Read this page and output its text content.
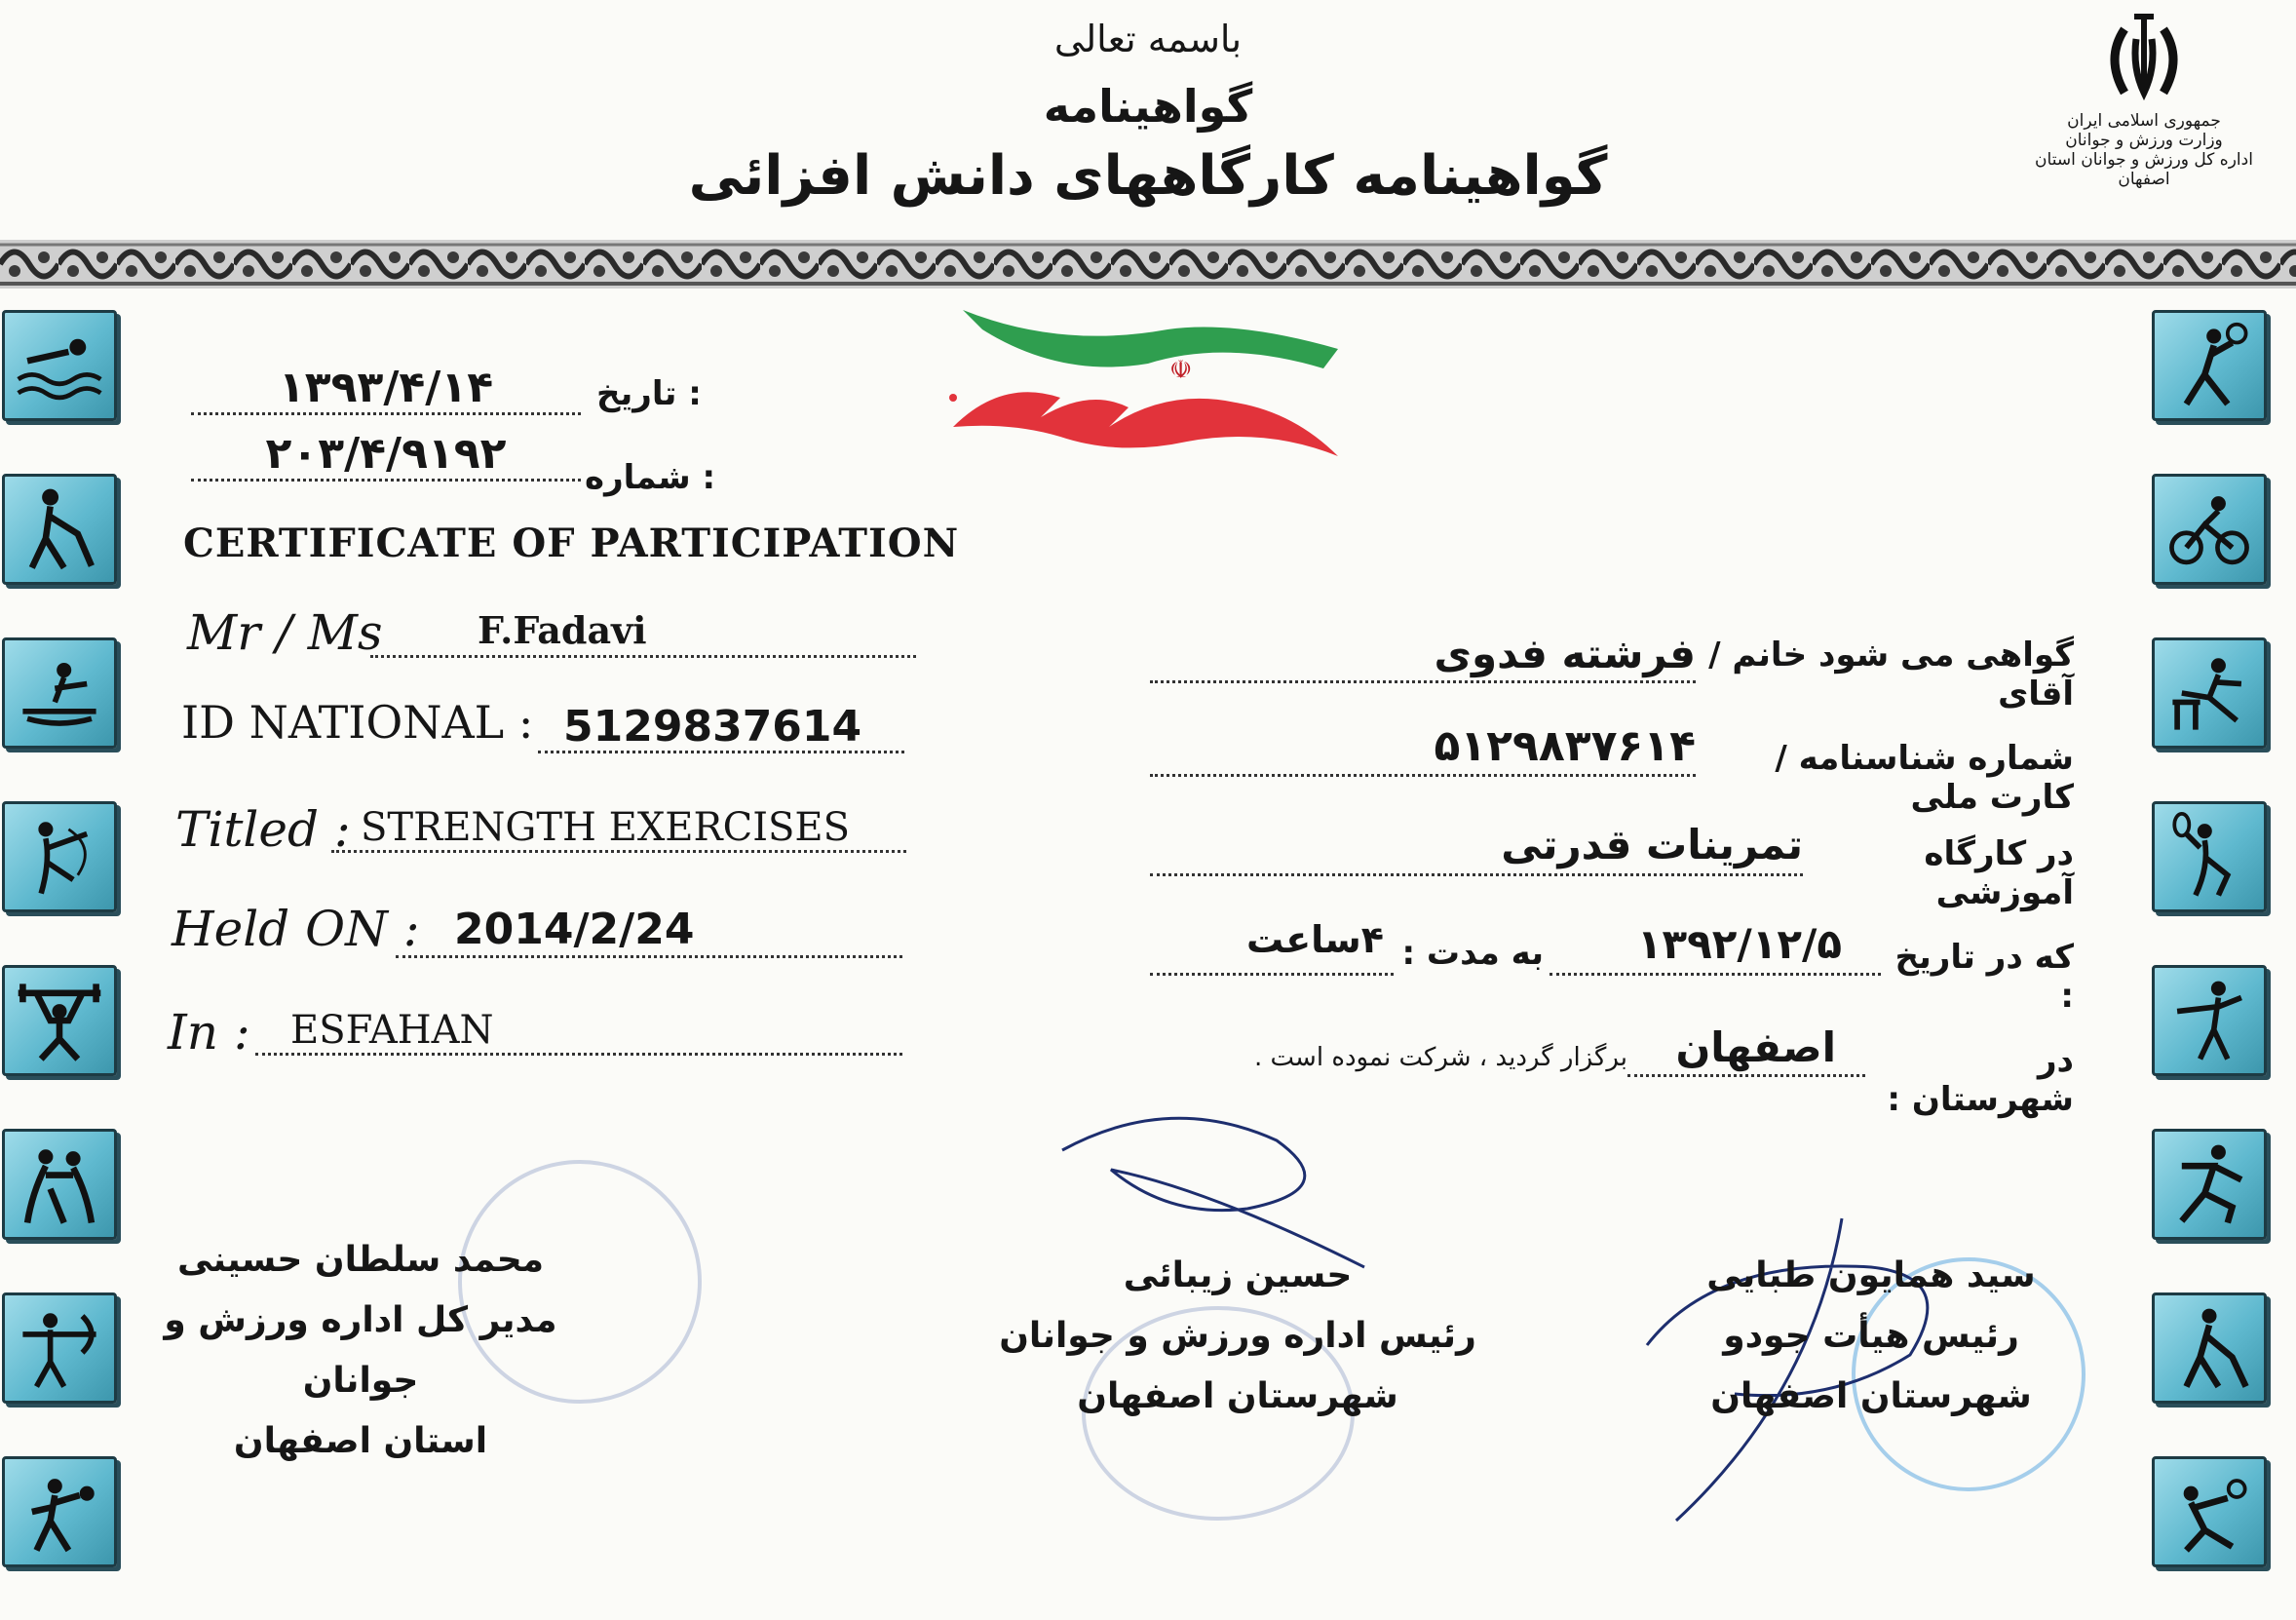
باسمه تعالی
گواهینامه
گواهینامه کارگاههای دانش افزائی
جمهوری اسلامی ایران
وزارت ورزش و جوانان
اداره کل ورزش و جوانان استان اصفهان
☫
۱۳۹۳/۴/۱۴	: تاریخ
۲۰۳/۴/۹۱۹۲	: شماره
CERTIFICATE OF PARTICIPATION
Mr / Ms	F.Fadavi
ID NATIONAL : 5129837614
Titled : STRENGTH EXERCISES
Held ON : 2014/2/24
In : ESFAHAN
گواهی می شود خانم /آقای
فرشته فدوی
شماره شناسنامه /کارت ملی
۵۱۲۹۸۳۷۶۱۴
در کارگاه آموزشی
تمرینات قدرتی
که در تاریخ :
۱۳۹۲/۱۲/۵
به مدت :
۴ساعت
در شهرستان :
اصفهان
برگزار گردید ، شرکت نموده است .
محمد سلطان حسینی
مدیر کل اداره ورزش و جوانان
استان اصفهان
حسین زیبائی
رئیس اداره ورزش و جوانان
شهرستان اصفهان
سید همایون طبایی
رئیس هیأت جودو
شهرستان اصفهان
